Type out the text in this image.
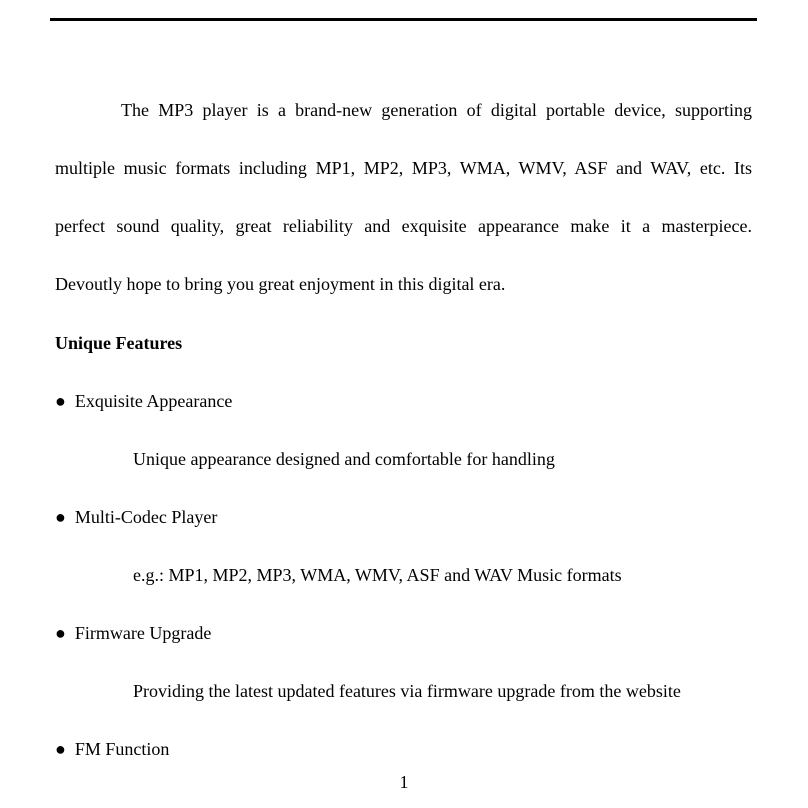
The MP3 player is a brand-new generation of digital portable device, supporting
multiple music formats including MP1, MP2, MP3, WMA, WMV, ASF and WAV, etc. Its
perfect sound quality, great reliability and exquisite appearance make it a masterpiece.
Devoutly hope to bring you great enjoyment in this digital era.
Unique Features
●  Exquisite Appearance
Unique appearance designed and comfortable for handling
●  Multi-Codec Player
e.g.: MP1, MP2, MP3, WMA, WMV, ASF and WAV Music formats
●  Firmware Upgrade
Providing the latest updated features via firmware upgrade from the website
●  FM Function
1
